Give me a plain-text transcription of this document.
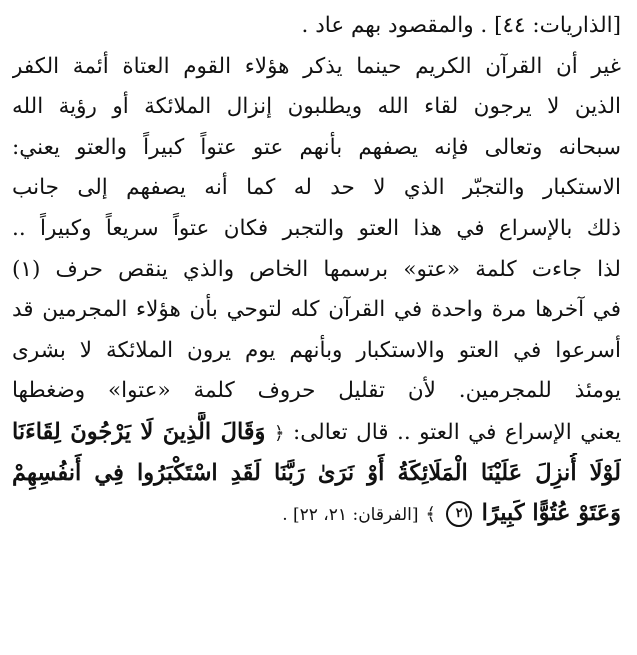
[الذاريات: ٤٤] . والمقصود بهم عاد .
غير أن القرآن الكريم حينما يذكر هؤلاء القوم العتاة أئمة الكفر
الذين لا يرجون لقاء الله ويطلبون إنزال الملائكة أو رؤية الله
سبحانه وتعالى فإنه يصفهم بأنهم عتو عتواً كبيراً والعتو يعني:
الاستكبار والتجبّر الذي لا حد له كما أنه يصفهم إلى جانب
ذلك بالإسراع في هذا العتو والتجبر فكان عتواً سريعاً وكبيراً ..
لذا جاءت كلمة «عتو» برسمها الخاص والذي ينقص حرف (١)
في آخرها مرة واحدة في القرآن كله لتوحي بأن هؤلاء المجرمين قد
أسرعوا في العتو والاستكبار وبأنهم يوم يرون الملائكة لا بشرى
يومئذ للمجرمين. لأن تقليل حروف كلمة «عتوا» وضغطها
يعني الإسراع في العتو .. قال تعالى: ﴿ وَقَالَ الَّذِينَ لَا يَرْجُونَ لِقَاءَنَا
لَوْلَا أُنزِلَ عَلَيْنَا الْمَلَائِكَةُ أَوْ نَرَىٰ رَبَّنَا لَقَدِ اسْتَكْبَرُوا فِي أَنفُسِهِمْ
وَعَتَوْ عُتُوًّا كَبِيرًا ٢١ ﴾ [الفرقان: ٢١، ٢٢] .
